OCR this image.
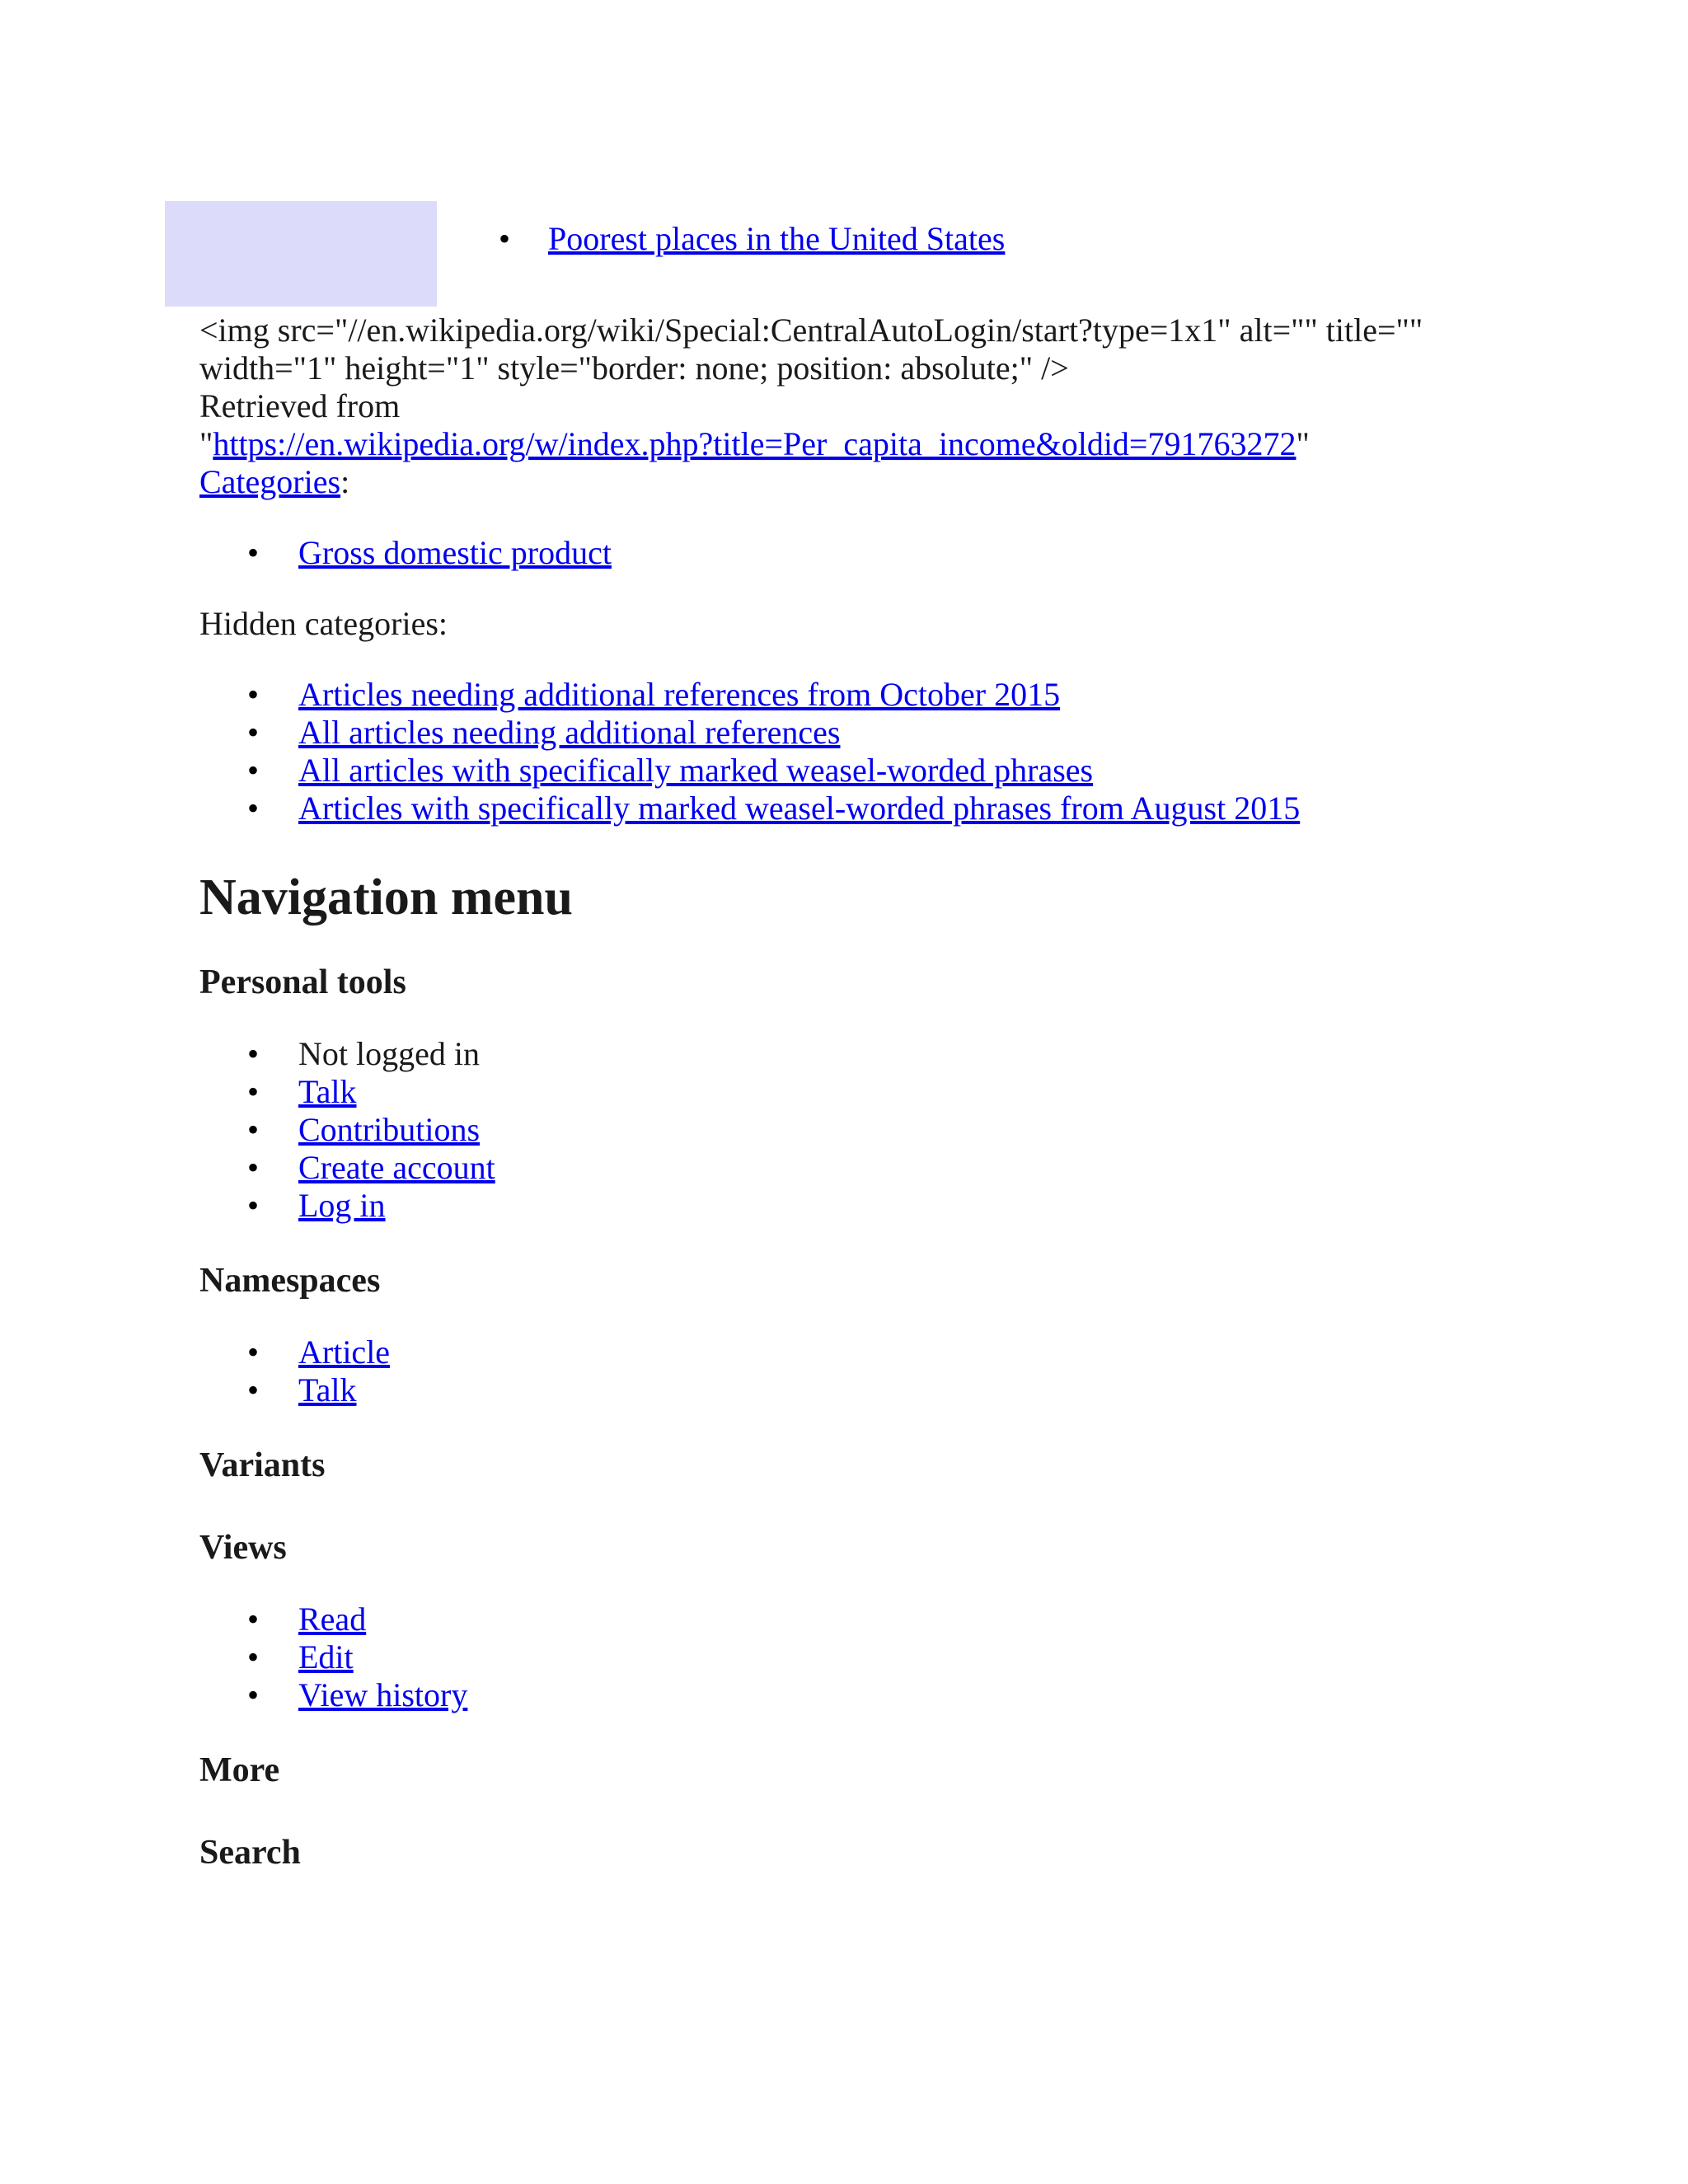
• Poorest places in the United States

<img src="//en.wikipedia.org/wiki/Special:CentralAutoLogin/start?type=1x1" alt="" title=""
width="1" height="1" style="border: none; position: absolute;" />
Retrieved from
"https://en.wikipedia.org/w/index.php?title=Per_capita_income&oldid=791763272"
Categories:

• Gross domestic product

Hidden categories:

• Articles needing additional references from October 2015
• All articles needing additional references
• All articles with specifically marked weasel-worded phrases
• Articles with specifically marked weasel-worded phrases from August 2015
Navigation menu
Personal tools
• Not logged in
• Talk
• Contributions
• Create account
• Log in
Namespaces
• Article
• Talk
Variants
Views
• Read
• Edit
• View history
More
Search
